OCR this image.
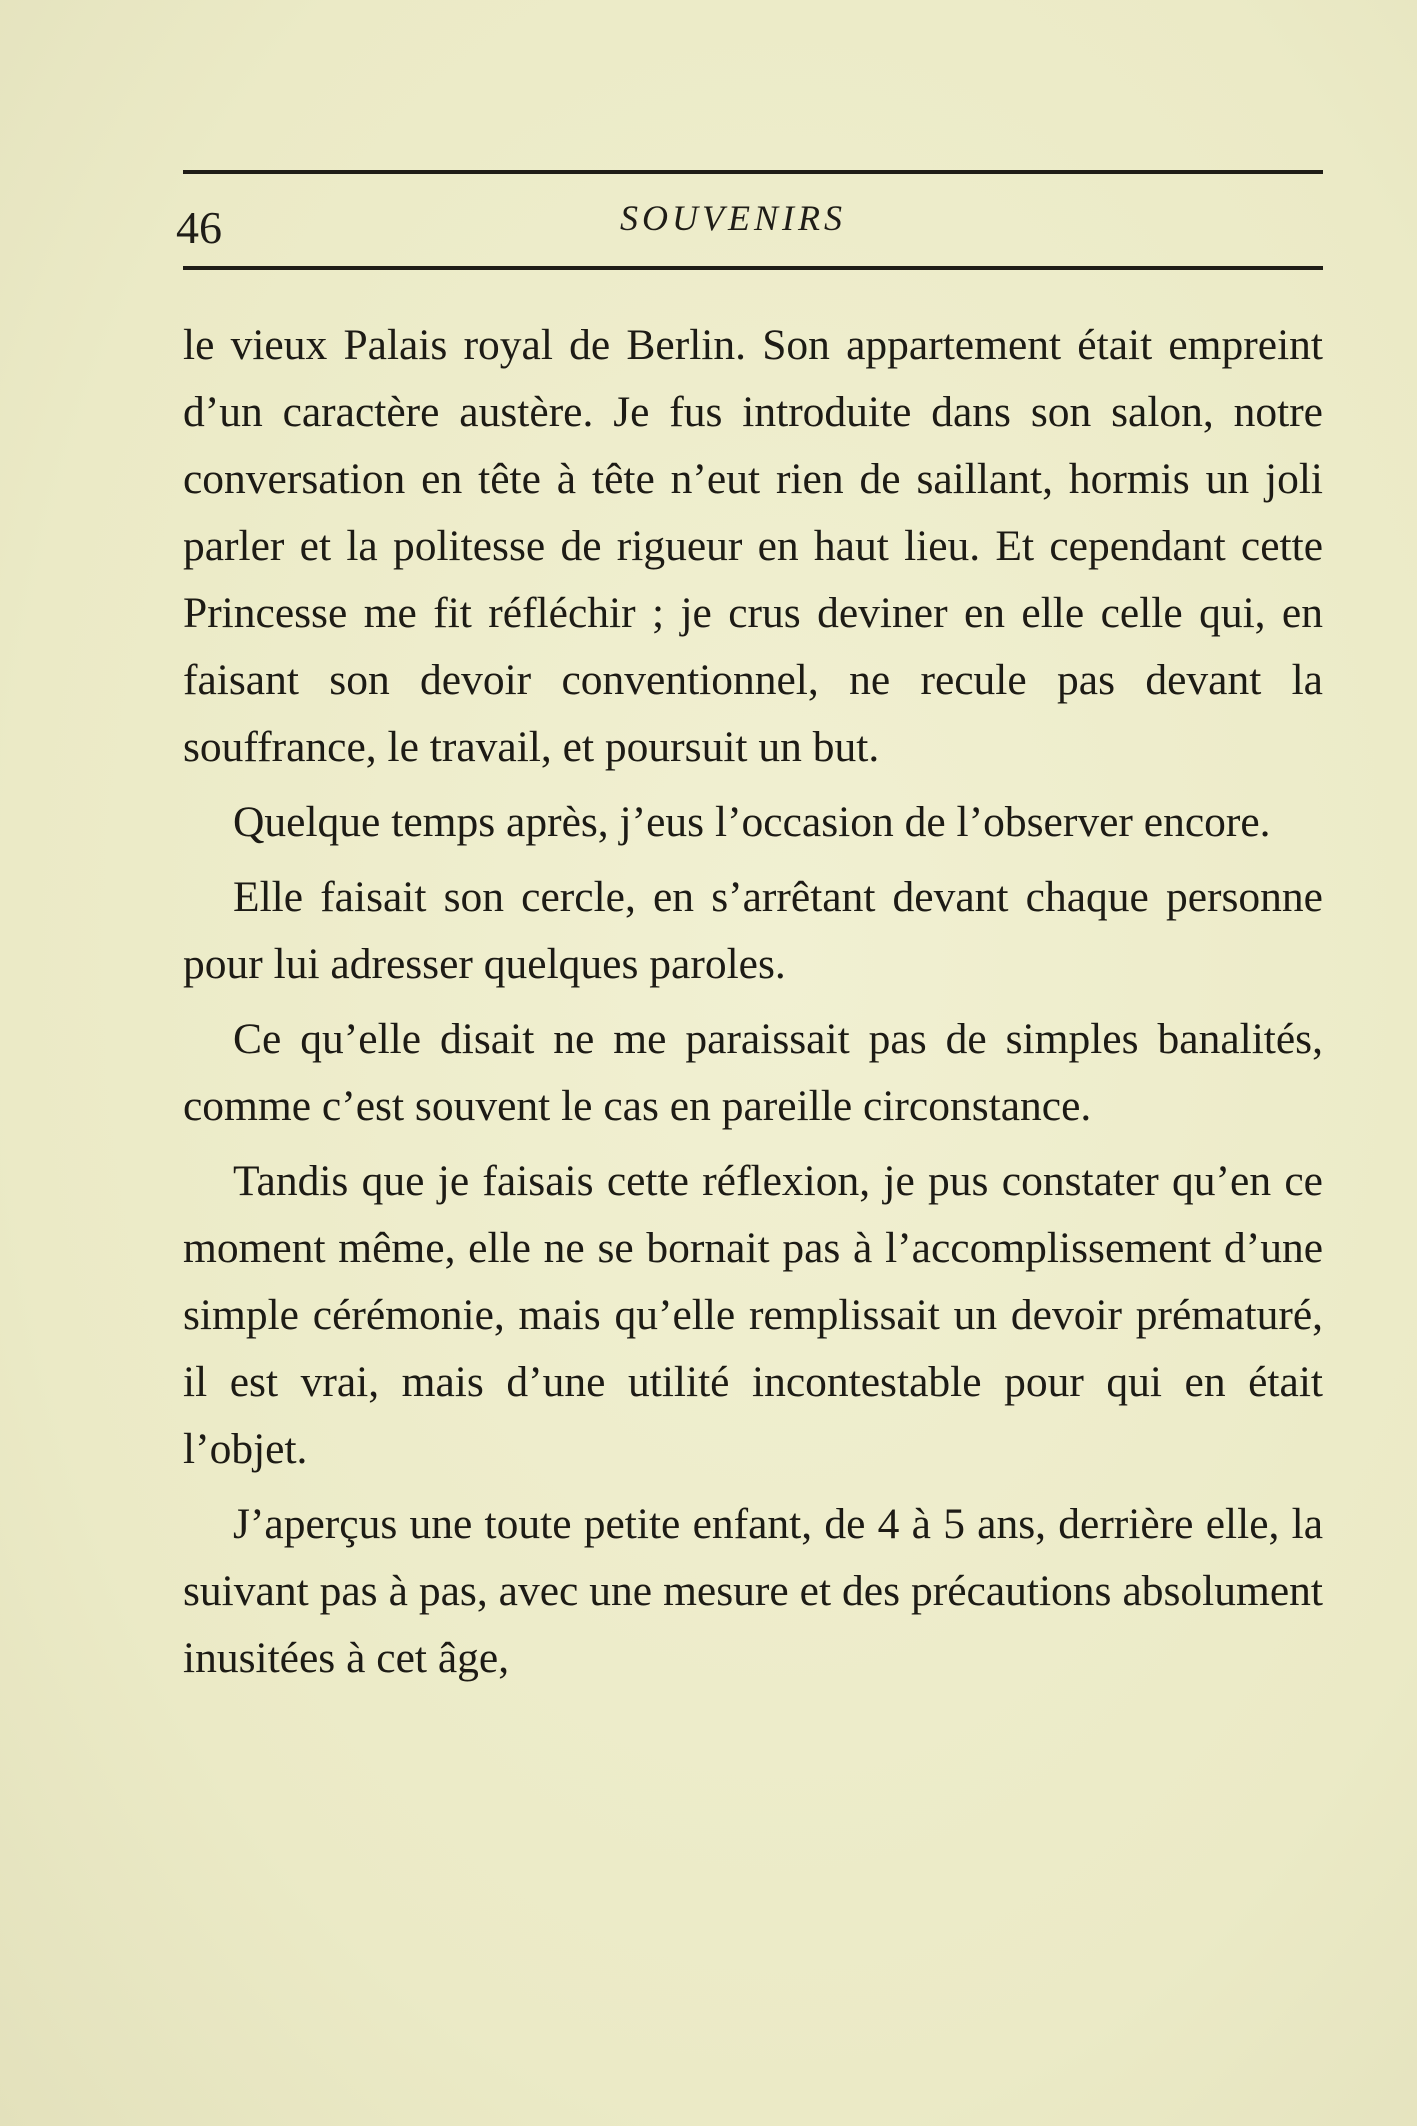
46	SOUVENIRS

le vieux Palais royal de Berlin. Son appartement était empreint d’un caractère austère. Je fus introduite dans son salon, notre conversation en tête à tête n’eut rien de saillant, hormis un joli parler et la politesse de rigueur en haut lieu. Et cependant cette Princesse me fit réfléchir ; je crus deviner en elle celle qui, en faisant son devoir conventionnel, ne recule pas devant la souffrance, le travail, et poursuit un but.

Quelque temps après, j’eus l’occasion de l’observer encore.

Elle faisait son cercle, en s’arrêtant devant chaque personne pour lui adresser quelques paroles.

Ce qu’elle disait ne me paraissait pas de simples banalités, comme c’est souvent le cas en pareille circonstance.

Tandis que je faisais cette réflexion, je pus constater qu’en ce moment même, elle ne se bornait pas à l’accomplissement d’une simple cérémonie, mais qu’elle remplissait un devoir prématuré, il est vrai, mais d’une utilité incontestable pour qui en était l’objet.

J’aperçus une toute petite enfant, de 4 à 5 ans, derrière elle, la suivant pas à pas, avec une mesure et des précautions absolument inusitées à cet âge,
